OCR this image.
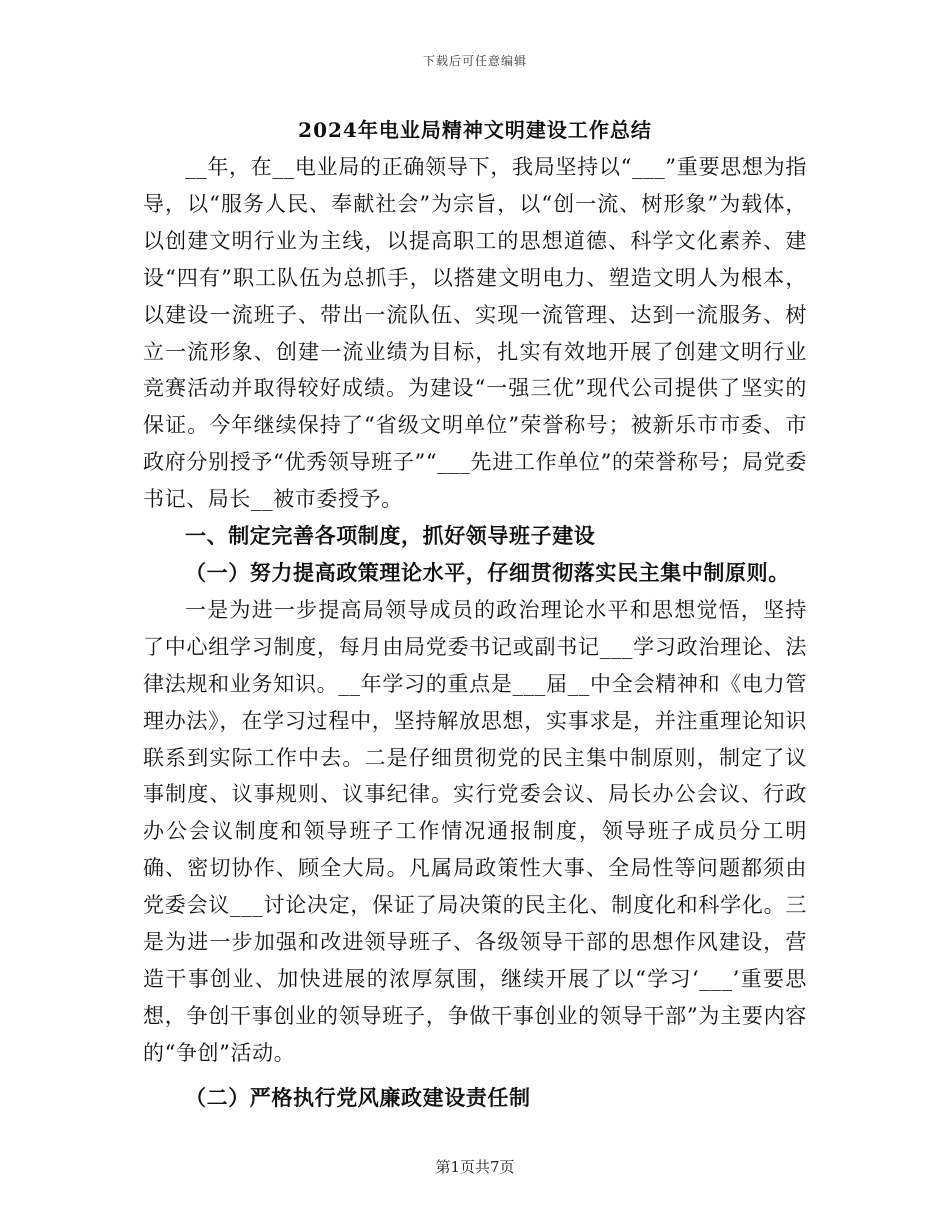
下载后可任意编辑
2024年电业局精神文明建设工作总结

__年，在__电业局的正确领导下，我局坚持以“___”重要思想为指导，以“服务人民、奉献社会”为宗旨，以“创一流、树形象”为载体，以创建文明行业为主线，以提高职工的思想道德、科学文化素养、建设“四有”职工队伍为总抓手，以搭建文明电力、塑造文明人为根本，以建设一流班子、带出一流队伍、实现一流管理、达到一流服务、树立一流形象、创建一流业绩为目标，扎实有效地开展了创建文明行业竞赛活动并取得较好成绩。为建设“一强三优”现代公司提供了坚实的保证。今年继续保持了“省级文明单位”荣誉称号；被新乐市市委、市政府分别授予“优秀领导班子”“___先进工作单位”的荣誉称号；局党委书记、局长__被市委授予。

一、制定完善各项制度，抓好领导班子建设

（一）努力提高政策理论水平，仔细贯彻落实民主集中制原则。

一是为进一步提高局领导成员的政治理论水平和思想觉悟，坚持了中心组学习制度，每月由局党委书记或副书记___学习政治理论、法律法规和业务知识。__年学习的重点是___届__中全会精神和《电力管理办法》，在学习过程中，坚持解放思想，实事求是，并注重理论知识联系到实际工作中去。二是仔细贯彻党的民主集中制原则，制定了议事制度、议事规则、议事纪律。实行党委会议、局长办公会议、行政办公会议制度和领导班子工作情况通报制度，领导班子成员分工明确、密切协作、顾全大局。凡属局政策性大事、全局性等问题都须由党委会议___讨论决定，保证了局决策的民主化、制度化和科学化。三是为进一步加强和改进领导班子、各级领导干部的思想作风建设，营造干事创业、加快进展的浓厚氛围，继续开展了以“学习‘___’重要思想，争创干事创业的领导班子，争做干事创业的领导干部”为主要内容的“争创”活动。

（二）严格执行党风廉政建设责任制

第1页共7页
